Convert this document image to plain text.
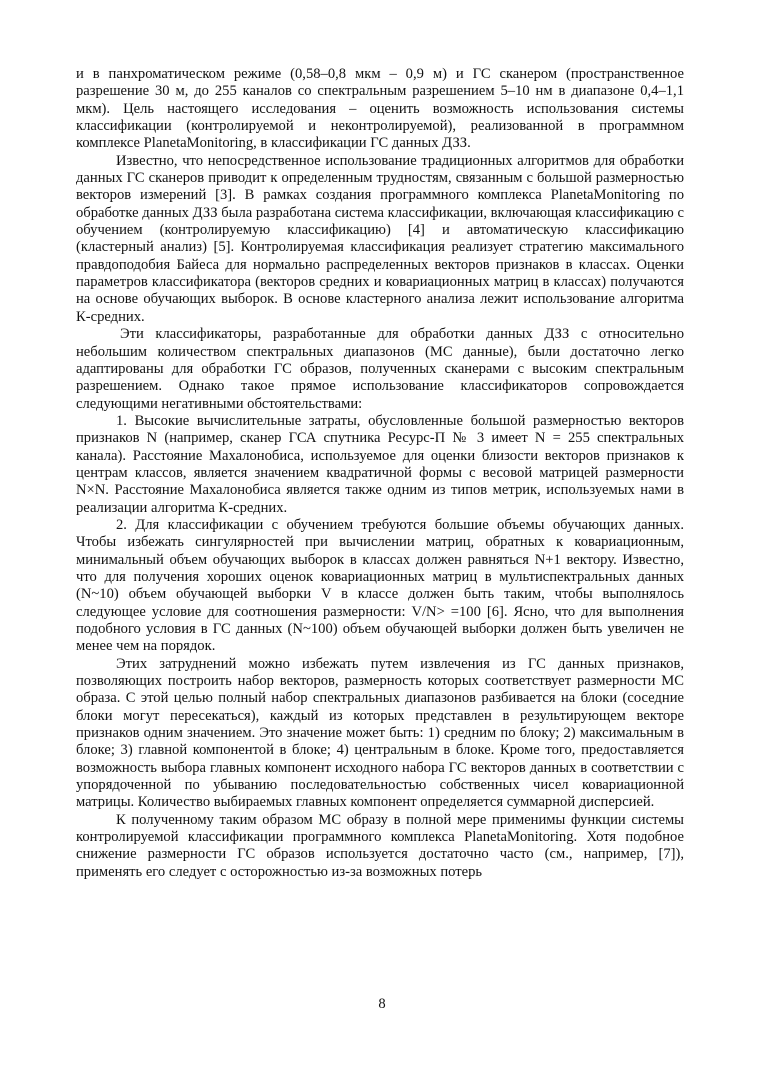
и в панхроматическом режиме (0,58–0,8 мкм – 0,9 м) и ГС сканером (пространственное разрешение 30 м, до 255 каналов со спектральным разрешением 5–10 нм в диапазоне 0,4–1,1 мкм). Цель настоящего исследования – оценить возможность использования системы классификации (контролируемой и неконтролируемой), реализованной в программном комплексе PlanetaMonitoring, в классификации ГС данных ДЗЗ.

Известно, что непосредственное использование традиционных алгоритмов для обработки данных ГС сканеров приводит к определенным трудностям, связанным с большой размерностью векторов измерений [3]. В рамках создания программного комплекса PlanetaMonitoring по обработке данных ДЗЗ была разработана система классификации, включающая классификацию с обучением (контролируемую классификацию) [4] и автоматическую классификацию (кластерный анализ) [5]. Контролируемая классификация реализует стратегию максимального правдоподобия Байеса для нормально распределенных векторов признаков в классах. Оценки параметров классификатора (векторов средних и ковариационных матриц в классах) получаются на основе обучающих выборок. В основе кластерного анализа лежит использование алгоритма К-средних.

Эти классификаторы, разработанные для обработки данных ДЗЗ с относительно небольшим количеством спектральных диапазонов (МС данные), были достаточно легко адаптированы для обработки ГС образов, полученных сканерами с высоким спектральным разрешением. Однако такое прямое использование классификаторов сопровождается следующими негативными обстоятельствами:

1. Высокие вычислительные затраты, обусловленные большой размерностью векторов признаков N (например, сканер ГСА спутника Ресурс-П № 3 имеет N = 255 спектральных канала). Расстояние Махалонобиса, используемое для оценки близости векторов признаков к центрам классов, является значением квадратичной формы с весовой матрицей размерности N×N. Расстояние Махалонобиса является также одним из типов метрик, используемых нами в реализации алгоритма К-средних.

2. Для классификации с обучением требуются большие объемы обучающих данных. Чтобы избежать сингулярностей при вычислении матриц, обратных к ковариационным, минимальный объем обучающих выборок в классах должен равняться N+1 вектору. Известно, что для получения хороших оценок ковариационных матриц в мультиспектральных данных (N~10) объем обучающей выборки V в классе должен быть таким, чтобы выполнялось следующее условие для соотношения размерности: V/N> =100 [6]. Ясно, что для выполнения подобного условия в ГС данных (N~100) объем обучающей выборки должен быть увеличен не менее чем на порядок.

Этих затруднений можно избежать путем извлечения из ГС данных признаков, позволяющих построить набор векторов, размерность которых соответствует размерности МС образа. С этой целью полный набор спектральных диапазонов разбивается на блоки (соседние блоки могут пересекаться), каждый из которых представлен в результирующем векторе признаков одним значением. Это значение может быть: 1) средним по блоку; 2) максимальным в блоке; 3) главной компонентой в блоке; 4) центральным в блоке. Кроме того, предоставляется возможность выбора главных компонент исходного набора ГС векторов данных в соответствии с упорядоченной по убыванию последовательностью собственных чисел ковариационной матрицы. Количество выбираемых главных компонент определяется суммарной дисперсией.

К полученному таким образом МС образу в полной мере применимы функции системы контролируемой классификации программного комплекса PlanetaMonitoring. Хотя подобное снижение размерности ГС образов используется достаточно часто (см., например, [7]), применять его следует с осторожностью из-за возможных потерь

8
